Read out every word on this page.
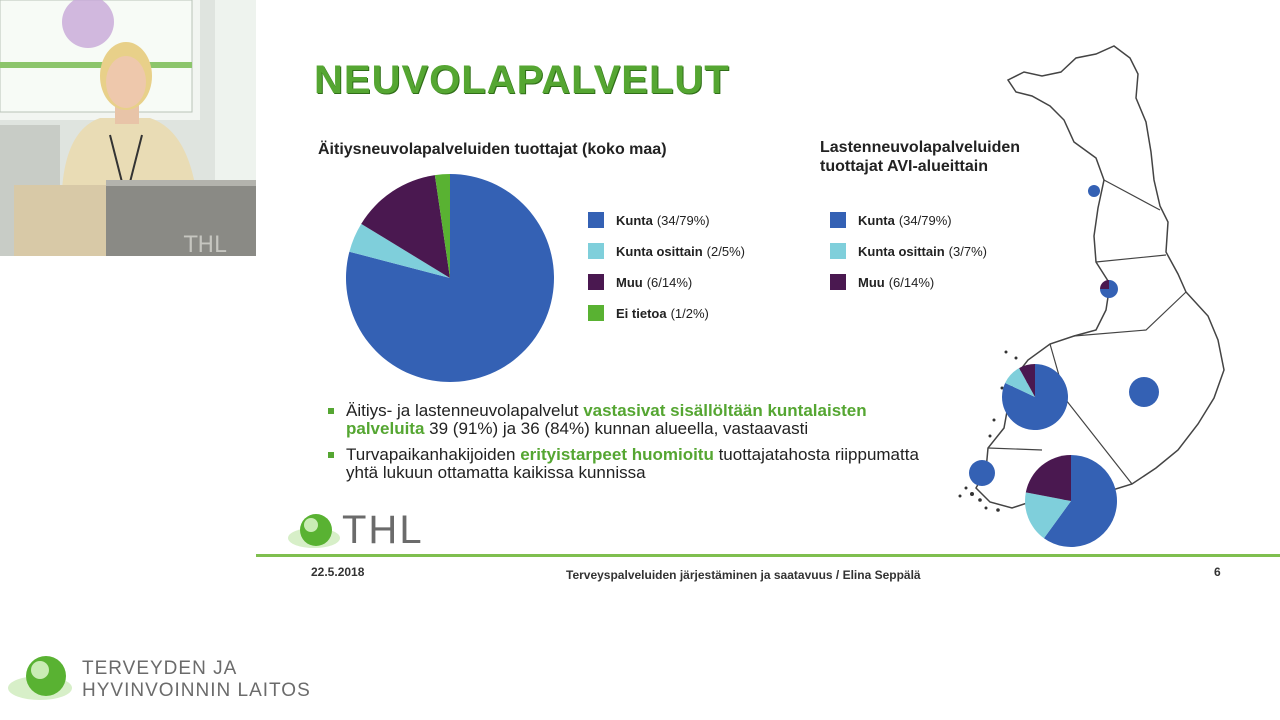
THL
NEUVOLAPALVELUT
Äitiysneuvolapalveluiden tuottajat (koko maa)	Lastenneuvolapalveluiden
tuottajat AVI-alueittain
Kunta (34/79%)
Kunta osittain (2/5%)
Muu (6/14%)
Ei tietoa (1/2%)
Kunta (34/79%)
Kunta osittain (3/7%)
Muu (6/14%)
Äitiys- ja lastenneuvolapalvelut vastasivat sisällöltään kuntalaisten palveluita 39 (91%) ja 36 (84%) kunnan alueella, vastaavasti
Turvapaikanhakijoiden erityistarpeet huomioitu tuottajatahosta riippumatta yhtä lukuun ottamatta kaikissa kunnissa
THL
22.5.2018	Terveyspalveluiden järjestäminen ja saatavuus / Elina Seppälä	6
TERVEYDEN JA
HYVINVOINNIN LAITOS
